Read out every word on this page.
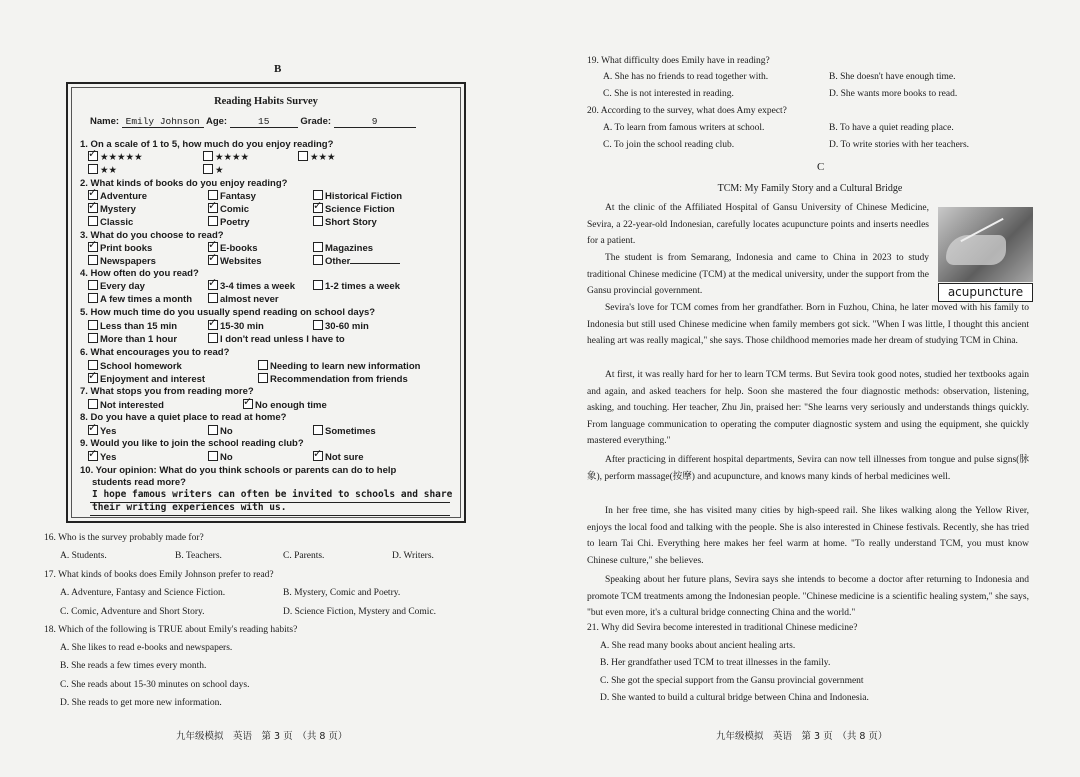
B
Reading Habits Survey
Name: Emily Johnson Age:	15	Grade:	9
1. On a scale of 1 to 5, how much do you enjoy reading?
✓★★★★★	★★★★	★★★
★★	★
2. What kinds of books do you enjoy reading?
✓Adventure	Fantasy	Historical Fiction
✓Mystery ✓	Comic ✓	Science Fiction
Classic	Poetry	Short Story
3. What do you choose to read?
✓Print books ✓	E-books	Magazines
Newspapers ✓	Websites	Other
4. How often do you read?
Every day ✓	3-4 times a week	1-2 times a week
A few times a month	almost never
5. How much time do you usually spend reading on school days?
Less than 15 min ✓	15-30 min	30-60 min
More than 1 hour	I don't read unless I have to
6. What encourages you to read?
School homework	Needing to learn new information
✓Enjoyment and interest	Recommendation from friends
7. What stops you from reading more?
Not interested ✓	No enough time
8. Do you have a quiet place to read at home?
✓Yes	No	Sometimes
9. Would you like to join the school reading club?
✓Yes	No ✓	Not sure
10. Your opinion: What do you think schools or parents can do to help
students read more?
I hope famous writers can often be invited to schools and share
their writing experiences with us.
16. Who is the survey probably made for?
A. Students.	B. Teachers.	C. Parents.	D. Writers.
17. What kinds of books does Emily Johnson prefer to read?
A. Adventure, Fantasy and Science Fiction.	B. Mystery, Comic and Poetry.
C. Comic, Adventure and Short Story.	D. Science Fiction, Mystery and Comic.
18. Which of the following is TRUE about Emily's reading habits?
A. She likes to read e-books and newspapers.
B. She reads a few times every month.
C. She reads about 15-30 minutes on school days.
D. She reads to get more new information.
九年级模拟　英语　第 3 页　（共 8 页）
19. What difficulty does Emily have in reading?
A. She has no friends to read together with.	B. She doesn't have enough time.
C. She is not interested in reading.	D. She wants more books to read.
20. According to the survey, what does Amy expect?
A. To learn from famous writers at school.	B. To have a quiet reading place.
C. To join the school reading club.	D. To write stories with her teachers.
C
TCM: My Family Story and a Cultural Bridge
acupuncture
At the clinic of the Affiliated Hospital of Gansu University of Chinese Medicine, Sevira, a 22-year-old Indonesian, carefully locates acupuncture points and inserts needles for a patient.
The student is from Semarang, Indonesia and came to China in 2023 to study traditional Chinese medicine (TCM) at the medical university, under the support from the Gansu provincial government.
Sevira's love for TCM comes from her grandfather. Born in Fuzhou, China, he later moved with his family to Indonesia but still used Chinese medicine when family members got sick. "When I was little, I thought this ancient healing art was really magical," she says. Those childhood memories made her dream of studying TCM in China.
At first, it was really hard for her to learn TCM terms. But Sevira took good notes, studied her textbooks again and again, and asked teachers for help. Soon she mastered the four diagnostic methods: observation, listening, asking, and touching. Her teacher, Zhu Jin, praised her: "She learns very seriously and understands things quickly. From language communication to operating the computer diagnostic system and using the equipment, she quickly mastered everything."
After practicing in different hospital departments, Sevira can now tell illnesses from tongue and pulse signs(脉象), perform massage(按摩) and acupuncture, and knows many kinds of herbal medicines well.
In her free time, she has visited many cities by high-speed rail. She likes walking along the Yellow River, enjoys the local food and talking with the people. She is also interested in Chinese festivals. Recently, she has tried to learn Tai Chi. Everything here makes her feel warm at home. "To really understand TCM, you must know Chinese culture," she believes.
Speaking about her future plans, Sevira says she intends to become a doctor after returning to Indonesia and promote TCM treatments among the Indonesian people. "Chinese medicine is a scientific healing system," she says, "but even more, it's a cultural bridge connecting China and the world."
21. Why did Sevira become interested in traditional Chinese medicine?
A. She read many books about ancient healing arts.
B. Her grandfather used TCM to treat illnesses in the family.
C. She got the special support from the Gansu provincial government
D. She wanted to build a cultural bridge between China and Indonesia.
九年级模拟　英语　第 3 页　（共 8 页）
